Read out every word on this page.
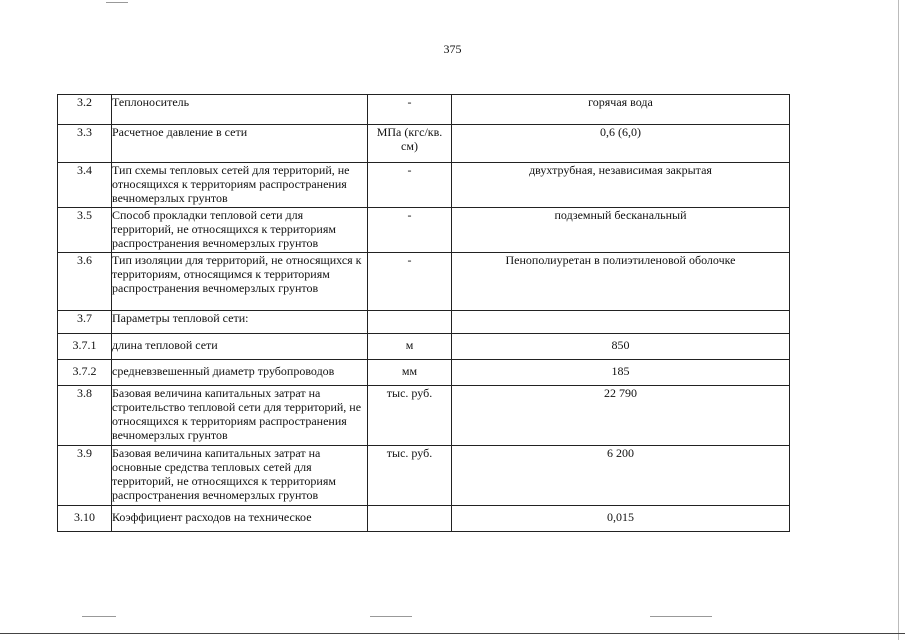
375
3.2	Теплоноситель	-	горячая вода
3.3	Расчетное давление в сети	МПа (кгс/кв. см)	0,6 (6,0)
3.4	Тип схемы тепловых сетей для территорий, не относящихся к территориям распространения вечномерзлых грунтов	-	двухтрубная, независимая закрытая
3.5	Способ прокладки тепловой сети для территорий, не относящихся к территориям распространения вечномерзлых грунтов	-	подземный бесканальный
3.6	Тип изоляции для территорий, не относящихся к территориям, относящимся к территориям распространения вечномерзлых грунтов	-	Пенополиуретан в полиэтиленовой оболочке
3.7	Параметры тепловой сети:		
3.7.1	длина тепловой сети	м	850
3.7.2	средневзвешенный диаметр трубопроводов	мм	185
3.8	Базовая величина капитальных затрат на строительство тепловой сети для территорий, не относящихся к территориям распространения вечномерзлых грунтов	тыс. руб.	22 790
3.9	Базовая величина капитальных затрат на основные средства тепловых сетей для территорий, не относящихся к территориям распространения вечномерзлых грунтов	тыс. руб.	6 200
3.10	Коэффициент расходов на техническое		0,015
